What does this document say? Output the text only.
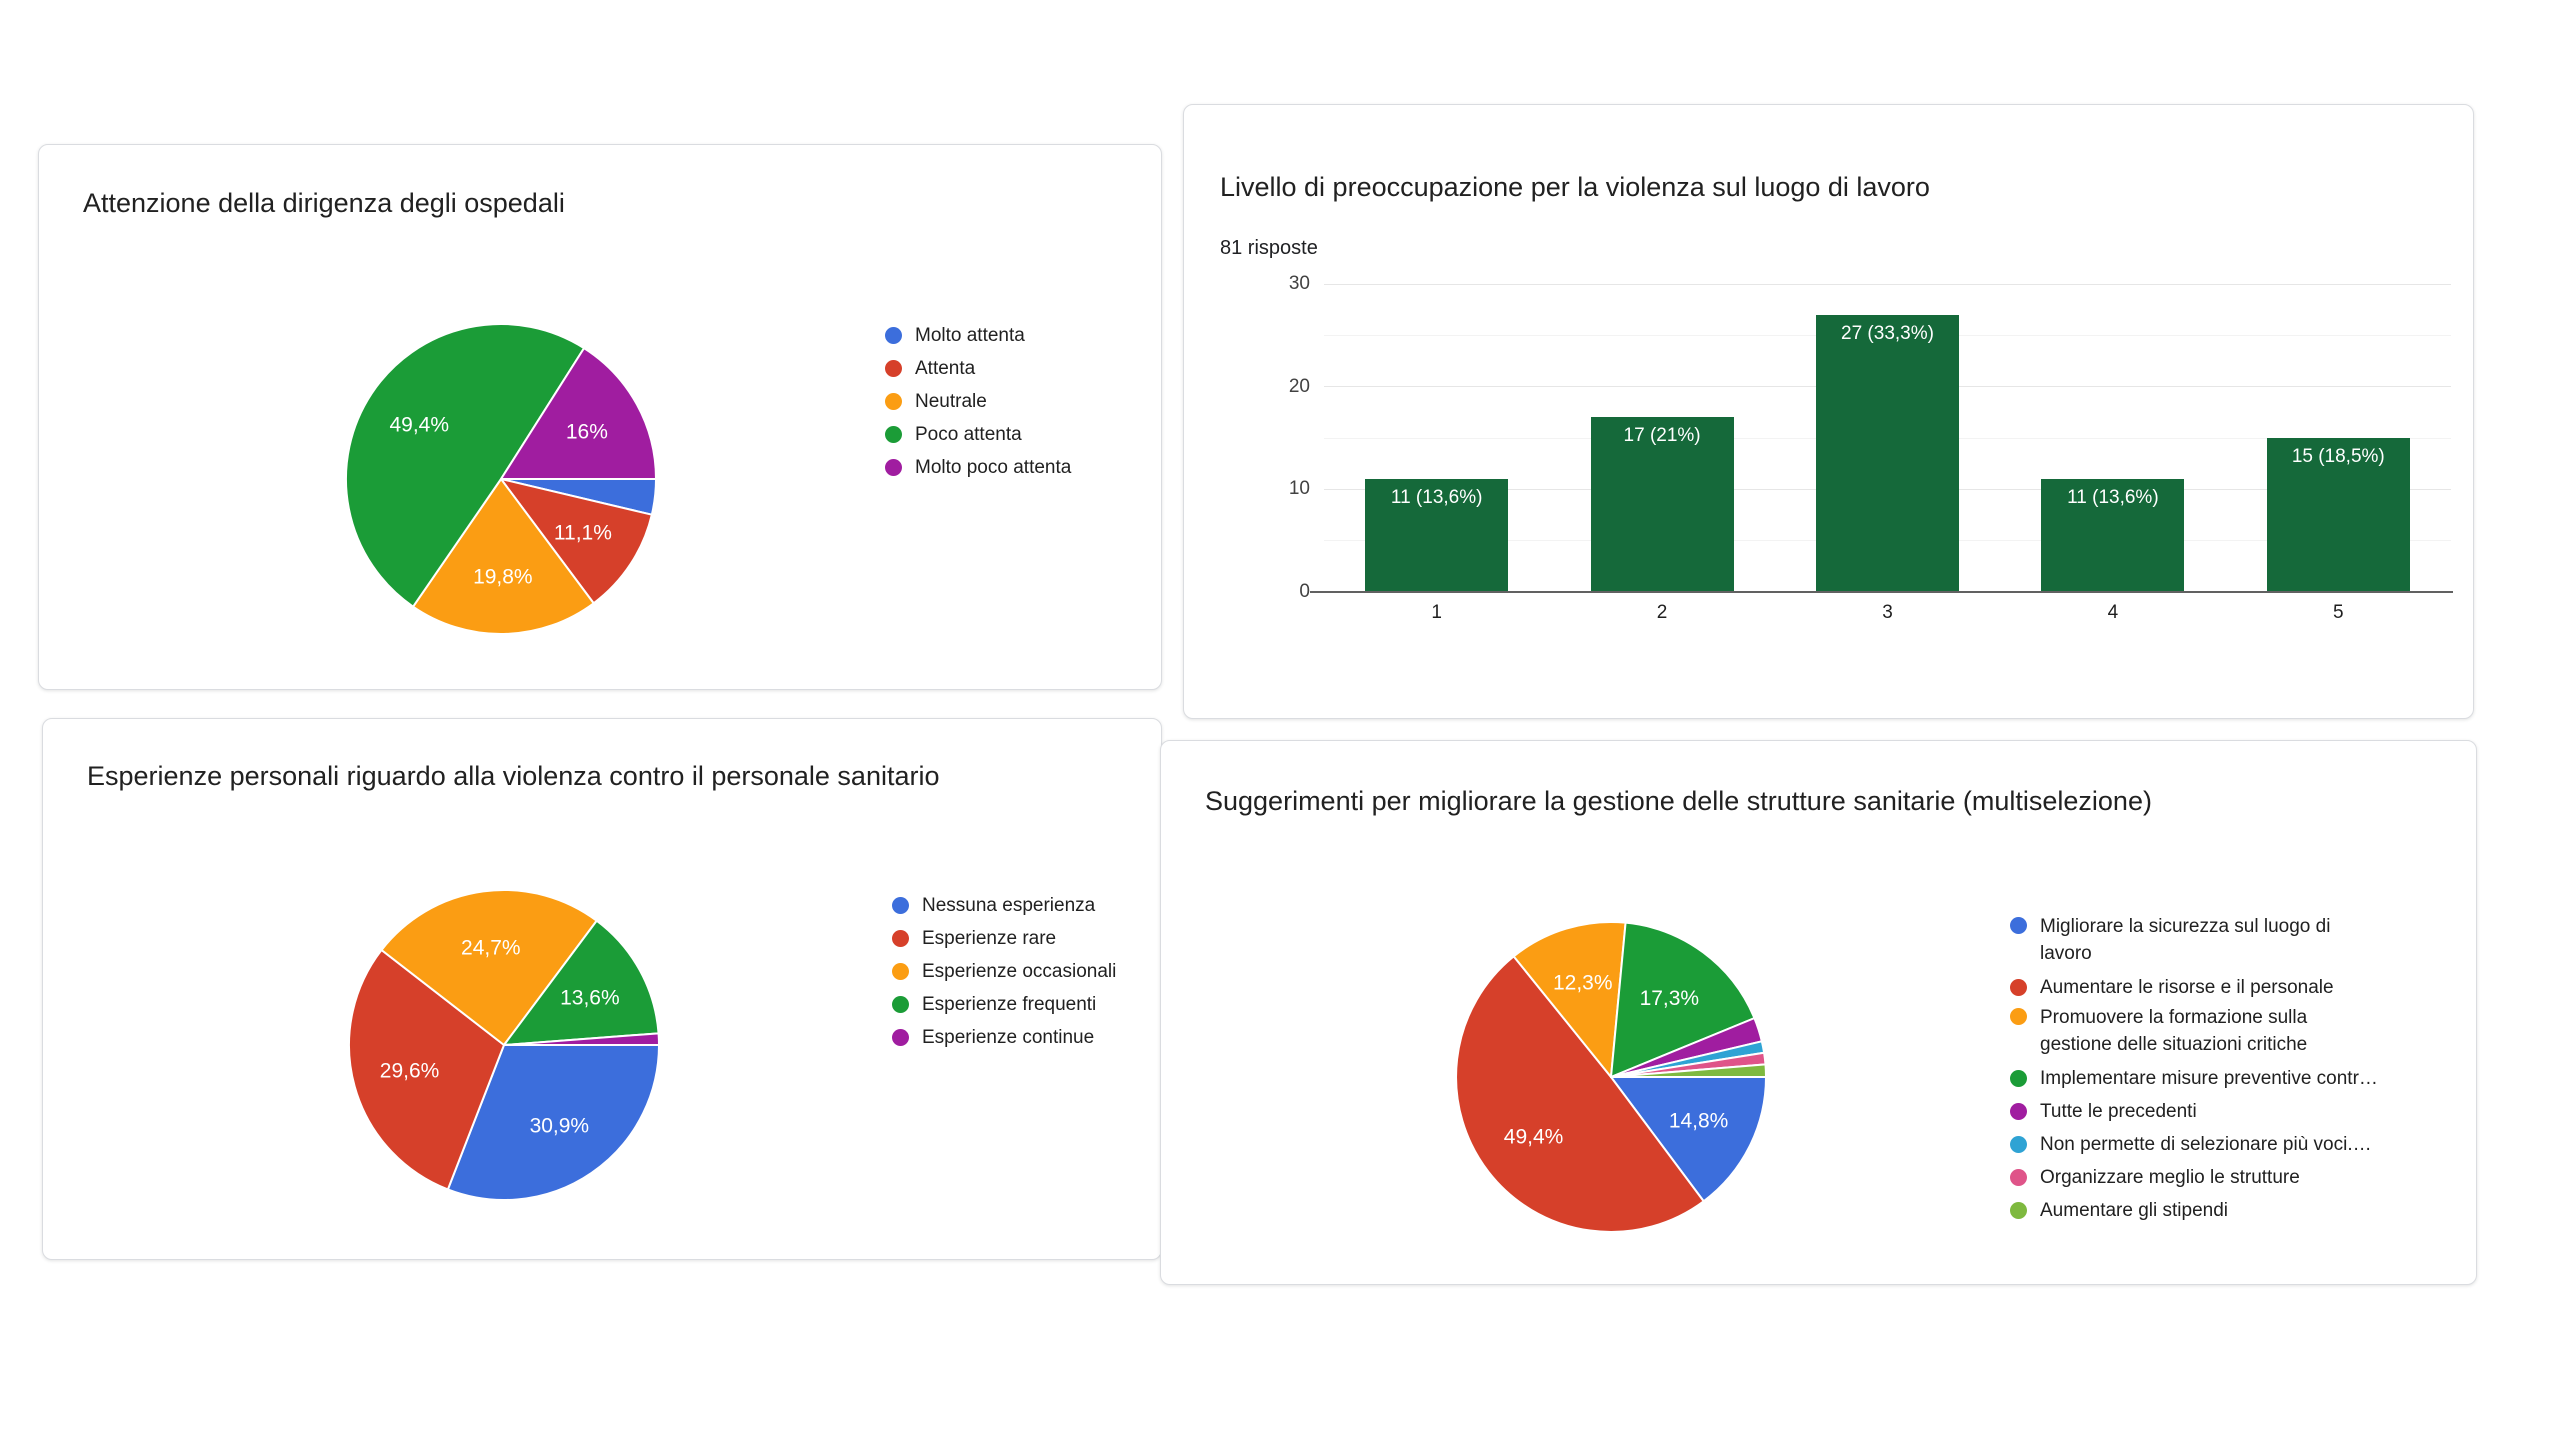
Attenzione della dirigenza degli ospedali
11,1%
19,8%
49,4%	16%
Molto attenta
Attenta
Neutrale
Poco attenta
Molto poco attenta
Livello di preoccupazione per la violenza sul luogo di lavoro
81 risposte
0
10
20
30
11 (13,6%)
1
17 (21%)
2
27 (33,3%)
3
11 (13,6%)
4
15 (18,5%)
5
Esperienze personali riguardo alla violenza contro il personale sanitario
30,9%
29,6%
24,7%
13,6%
Nessuna esperienza
Esperienze rare
Esperienze occasionali
Esperienze frequenti
Esperienze continue
Suggerimenti per migliorare la gestione delle strutture sanitarie (multiselezione)
14,8%
49,4%
12,3%
17,3%
Migliorare la sicurezza sul luogo di
lavoro
Aumentare le risorse e il personale
Promuovere la formazione sulla
gestione delle situazioni critiche
Implementare misure preventive contr…
Tutte le precedenti
Non permette di selezionare più voci.…
Organizzare meglio le strutture
Aumentare gli stipendi
